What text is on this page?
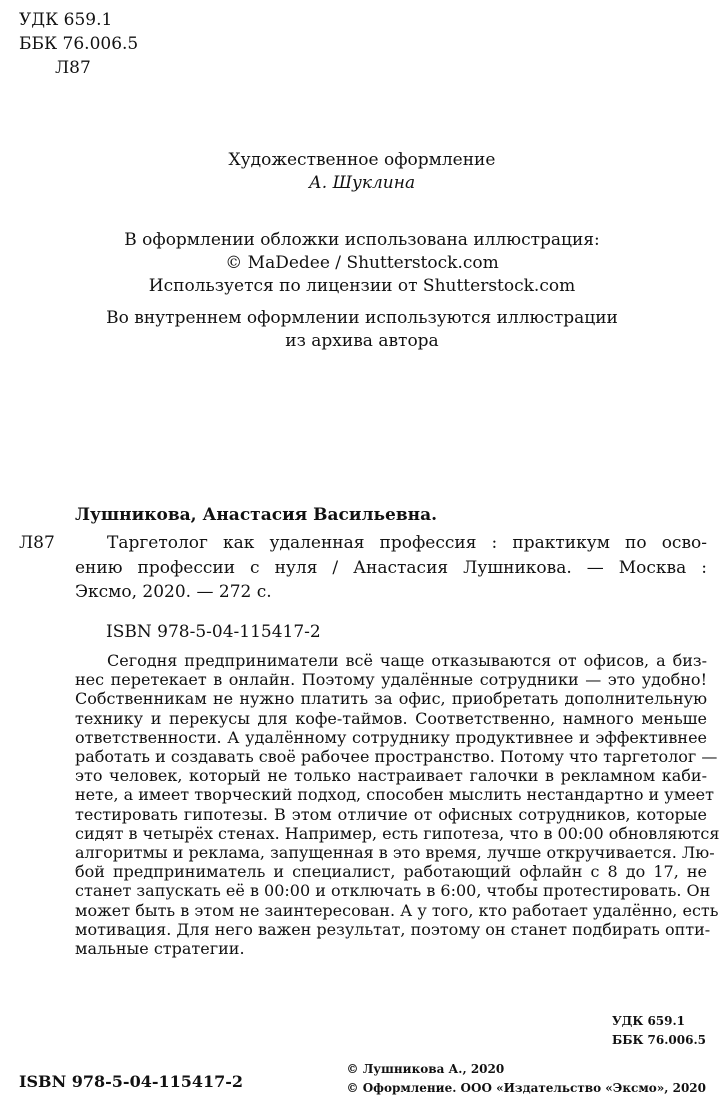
УДК 659.1
ББК 76.006.5
Л87
Художественное оформление
А. Шуклина
В оформлении обложки использована иллюстрация:
© MaDedee / Shutterstock.com
Используется по лицензии от Shutterstock.com
Во внутреннем оформлении используются иллюстрации
из архива автора
Лушникова, Анастасия Васильевна.
Л87	Таргетолог как удаленная профессия : практикум по осво-
ению профессии с нуля / Анастасия Лушникова. — Москва :
Эксмо, 2020. — 272 с.
ISBN 978-5-04-115417-2
Сегодня предприниматели всё чаще отказываются от офисов, а биз-
нес перетекает в онлайн. Поэтому удалённые сотрудники — это удобно!
Собственникам не нужно платить за офис, приобретать дополнительную
технику и перекусы для кофе-таймов. Соответственно, намного меньше
ответственности. А удалённому сотруднику продуктивнее и эффективнее
работать и создавать своё рабочее пространство. Потому что таргетолог —
это человек, который не только настраивает галочки в рекламном каби-
нете, а имеет творческий подход, способен мыслить нестандартно и умеет
тестировать гипотезы. В этом отличие от офисных сотрудников, которые
сидят в четырёх стенах. Например, есть гипотеза, что в 00:00 обновляются
алгоритмы и реклама, запущенная в это время, лучше откручивается. Лю-
бой предприниматель и специалист, работающий офлайн с 8 до 17, не
станет запускать её в 00:00 и отключать в 6:00, чтобы протестировать. Он
может быть в этом не заинтересован. А у того, кто работает удалённо, есть
мотивация. Для него важен результат, поэтому он станет подбирать опти-
мальные стратегии.
УДК 659.1
ББК 76.006.5
ISBN 978-5-04-115417-2
© Лушникова А., 2020
© Оформление. ООО «Издательство «Эксмо», 2020
